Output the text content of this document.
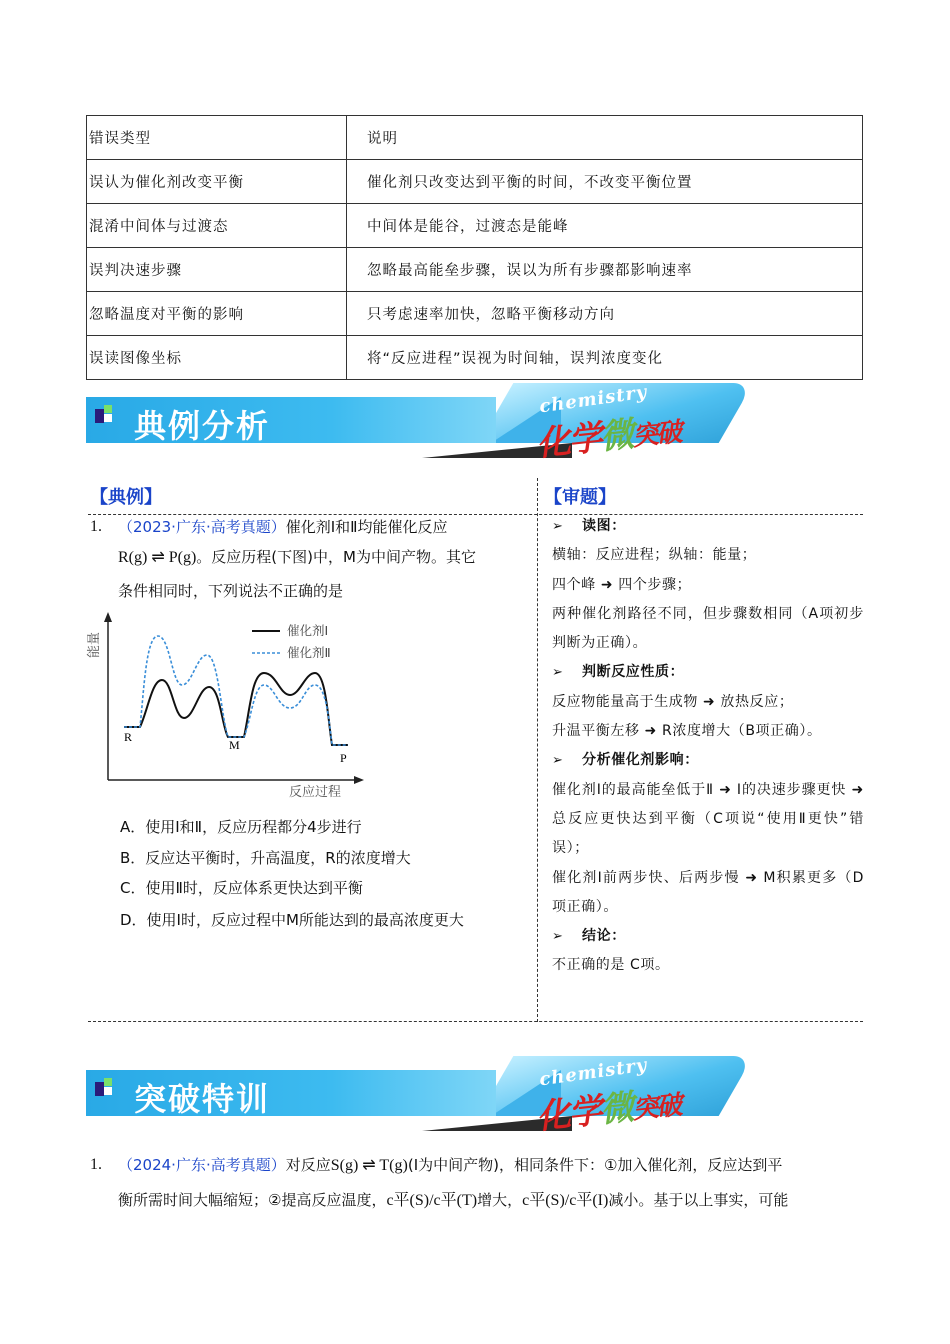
错误类型	说明
误认为催化剂改变平衡	催化剂只改变达到平衡的时间，不改变平衡位置
混淆中间体与过渡态	中间体是能谷，过渡态是能峰
误判决速步骤	忽略最高能垒步骤，误以为所有步骤都影响速率
忽略温度对平衡的影响	只考虑速率加快，忽略平衡移动方向
误读图像坐标	将“反应进程”误视为时间轴，误判浓度变化
典例分析
chemistry
化学微突破
【典例】	【审题】
1. （2023·广东·高考真题）催化剂Ⅰ和Ⅱ均能催化反应
R(g) ⇌ P(g)。反应历程(下图)中，M为中间产物。其它
条件相同时，下列说法不正确的是
能量
反应过程
催化剂Ⅰ
催化剂Ⅱ
R
M
P
A．使用Ⅰ和Ⅱ，反应历程都分4步进行
B．反应达平衡时，升高温度，R的浓度增大
C．使用Ⅱ时，反应体系更快达到平衡
D．使用Ⅰ时，反应过程中M所能达到的最高浓度更大
➢ 读图：
横轴：反应进程；纵轴：能量；
四个峰 ➜ 四个步骤；
两种催化剂路径不同，但步骤数相同（A项初步判断为正确）。
➢ 判断反应性质：
反应物能量高于生成物 ➜ 放热反应；
升温平衡左移 ➜ R浓度增大（B项正确）。
➢ 分析催化剂影响：
催化剂Ⅰ的最高能垒低于Ⅱ ➜ Ⅰ的决速步骤更快 ➜ 总反应更快达到平衡（C项说“使用Ⅱ更快”错误）；
催化剂Ⅰ前两步快、后两步慢 ➜ M积累更多（D项正确）。
➢ 结论：
不正确的是 C项。
突破特训
chemistry
化学微突破
1. （2024·广东·高考真题）对反应S(g) ⇌ T(g)(I为中间产物)，相同条件下：①加入催化剂，反应达到平
衡所需时间大幅缩短；②提高反应温度，c平(S)/c平(T)增大，c平(S)/c平(I)减小。基于以上事实，可能
